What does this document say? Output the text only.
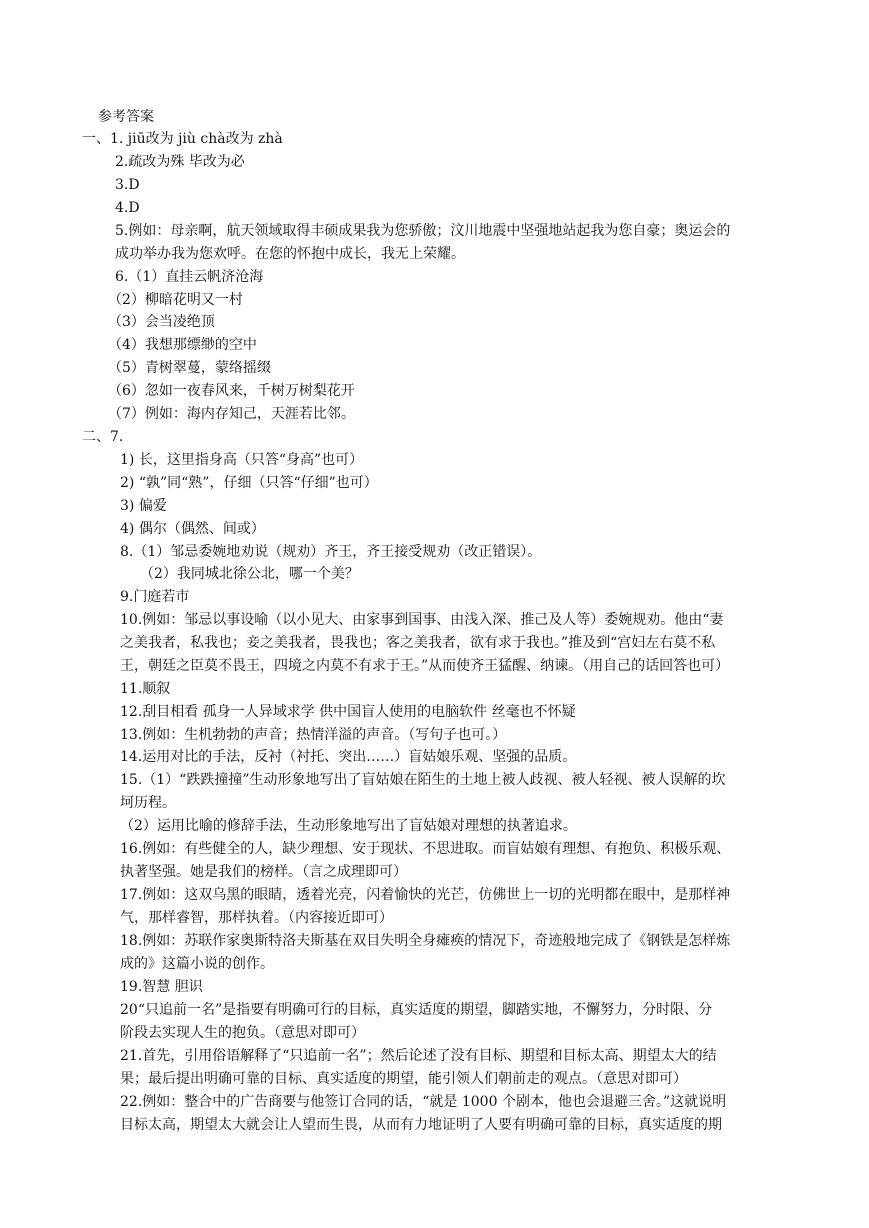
参考答案
一、1. jiū改为 jiù chà改为 zhà
2.疏改为殊 毕改为必
3.D
4.D
5.例如：母亲啊，航天领域取得丰硕成果我为您骄傲；汶川地震中坚强地站起我为您自豪；奥运会的
成功举办我为您欢呼。在您的怀抱中成长，我无上荣耀。
6.（1）直挂云帆济沧海
（2）柳暗花明又一村
（3）会当凌绝顶
（4）我想那缥缈的空中
（5）青树翠蔓，蒙络摇缀
（6）忽如一夜春风来，千树万树梨花开
（7）例如：海内存知己，天涯若比邻。
二、7.
1) 长，这里指身高（只答“身高”也可）
2) “孰”同“熟”，仔细（只答“仔细”也可）
3) 偏爱
4) 偶尔（偶然、间或）
8.（1）邹忌委婉地劝说（规劝）齐王，齐王接受规劝（改正错误）。
（2）我同城北徐公北，哪一个美？
9.门庭若市
10.例如：邹忌以事设喻（以小见大、由家事到国事、由浅入深、推己及人等）委婉规劝。他由“妻
之美我者，私我也；妾之美我者，畏我也；客之美我者，欲有求于我也。”推及到“宫妇左右莫不私
王，朝廷之臣莫不畏王，四境之内莫不有求于王。”从而使齐王猛醒、纳谏。（用自己的话回答也可）
11.顺叙
12.刮目相看 孤身一人异域求学 供中国盲人使用的电脑软件 丝毫也不怀疑
13.例如：生机勃勃的声音；热情洋溢的声音。（写句子也可。）
14.运用对比的手法，反衬（衬托、突出……）盲姑娘乐观、坚强的品质。
15.（1）“跌跌撞撞”生动形象地写出了盲姑娘在陌生的土地上被人歧视、被人轻视、被人误解的坎
坷历程。
（2）运用比喻的修辞手法，生动形象地写出了盲姑娘对理想的执著追求。
16.例如：有些健全的人，缺少理想、安于现状、不思进取。而盲姑娘有理想、有抱负、积极乐观、
执著坚强。她是我们的榜样。（言之成理即可）
17.例如：这双乌黑的眼睛，透着光亮，闪着愉快的光芒，仿佛世上一切的光明都在眼中，是那样神
气，那样睿智，那样执着。（内容接近即可）
18.例如：苏联作家奥斯特洛夫斯基在双目失明全身瘫痪的情况下，奇迹般地完成了《钢铁是怎样炼
成的》这篇小说的创作。
19.智慧 胆识
20“只追前一名”是指要有明确可行的目标，真实适度的期望，脚踏实地，不懈努力，分时限、分
阶段去实现人生的抱负。（意思对即可）
21.首先，引用俗语解释了“只追前一名”；然后论述了没有目标、期望和目标太高、期望太大的结
果；最后提出明确可靠的目标、真实适度的期望，能引领人们朝前走的观点。（意思对即可）
22.例如：整合中的广告商要与他签订合同的话，“就是 1000 个剧本，他也会退避三舍。”这就说明
目标太高，期望太大就会让人望而生畏，从而有力地证明了人要有明确可靠的目标，真实适度的期
